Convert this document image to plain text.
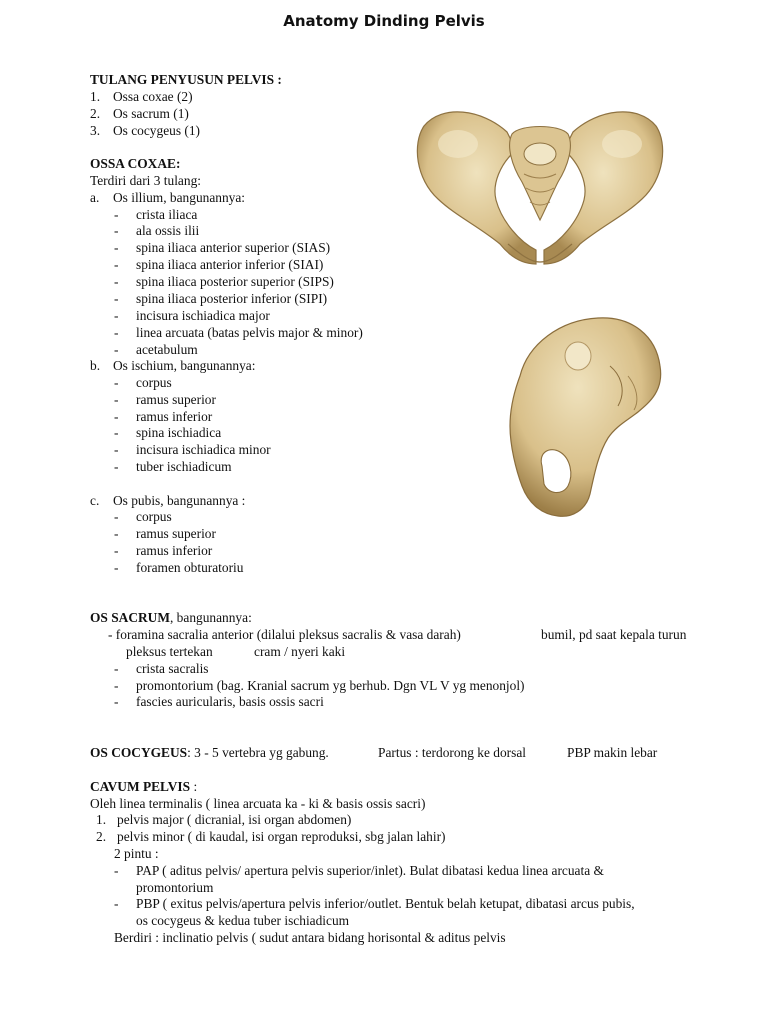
Anatomy Dinding Pelvis
TULANG PENYUSUN PELVIS :
1. Ossa coxae (2)
2. Os sacrum (1)
3. Os cocygeus (1)
OSSA COXAE:
Terdiri dari 3 tulang:
a. Os illium, bangunannya:
- crista iliaca
- ala ossis ilii
- spina iliaca anterior superior (SIAS)
- spina iliaca anterior inferior (SIAI)
- spina iliaca posterior superior (SIPS)
- spina iliaca posterior inferior (SIPI)
- incisura ischiadica major
- linea arcuata (batas pelvis major & minor)
- acetabulum
b. Os ischium, bangunannya:
- corpus
- ramus superior
- ramus inferior
- spina ischiadica
- incisura ischiadica minor
- tuber ischiadicum
c. Os pubis, bangunannya :
- corpus
- ramus superior
- ramus inferior
- foramen obturatoriu
OS SACRUM, bangunannya:
- foramina sacralia anterior (dilalui pleksus sacralis & vasa darah)	bumil, pd saat kepala turun
pleksus tertekan	cram / nyeri kaki
- crista sacralis
- promontorium (bag. Kranial sacrum yg berhub. Dgn VL V yg menonjol)
- fascies auricularis, basis ossis sacri
OS COCYGEUS: 3 - 5 vertebra yg gabung.	Partus : terdorong ke dorsal	PBP makin lebar
CAVUM PELVIS :
Oleh linea terminalis ( linea arcuata ka - ki & basis ossis sacri)
1. pelvis major ( dicranial, isi organ abdomen)
2. pelvis minor ( di kaudal, isi organ reproduksi, sbg jalan lahir)
2 pintu :
- PAP ( aditus pelvis/ apertura pelvis superior/inlet). Bulat dibatasi kedua linea arcuata &
promontorium
- PBP ( exitus pelvis/apertura pelvis inferior/outlet. Bentuk belah ketupat, dibatasi arcus pubis,
os cocygeus & kedua tuber ischiadicum
Berdiri : inclinatio pelvis ( sudut antara bidang horisontal & aditus pelvis
